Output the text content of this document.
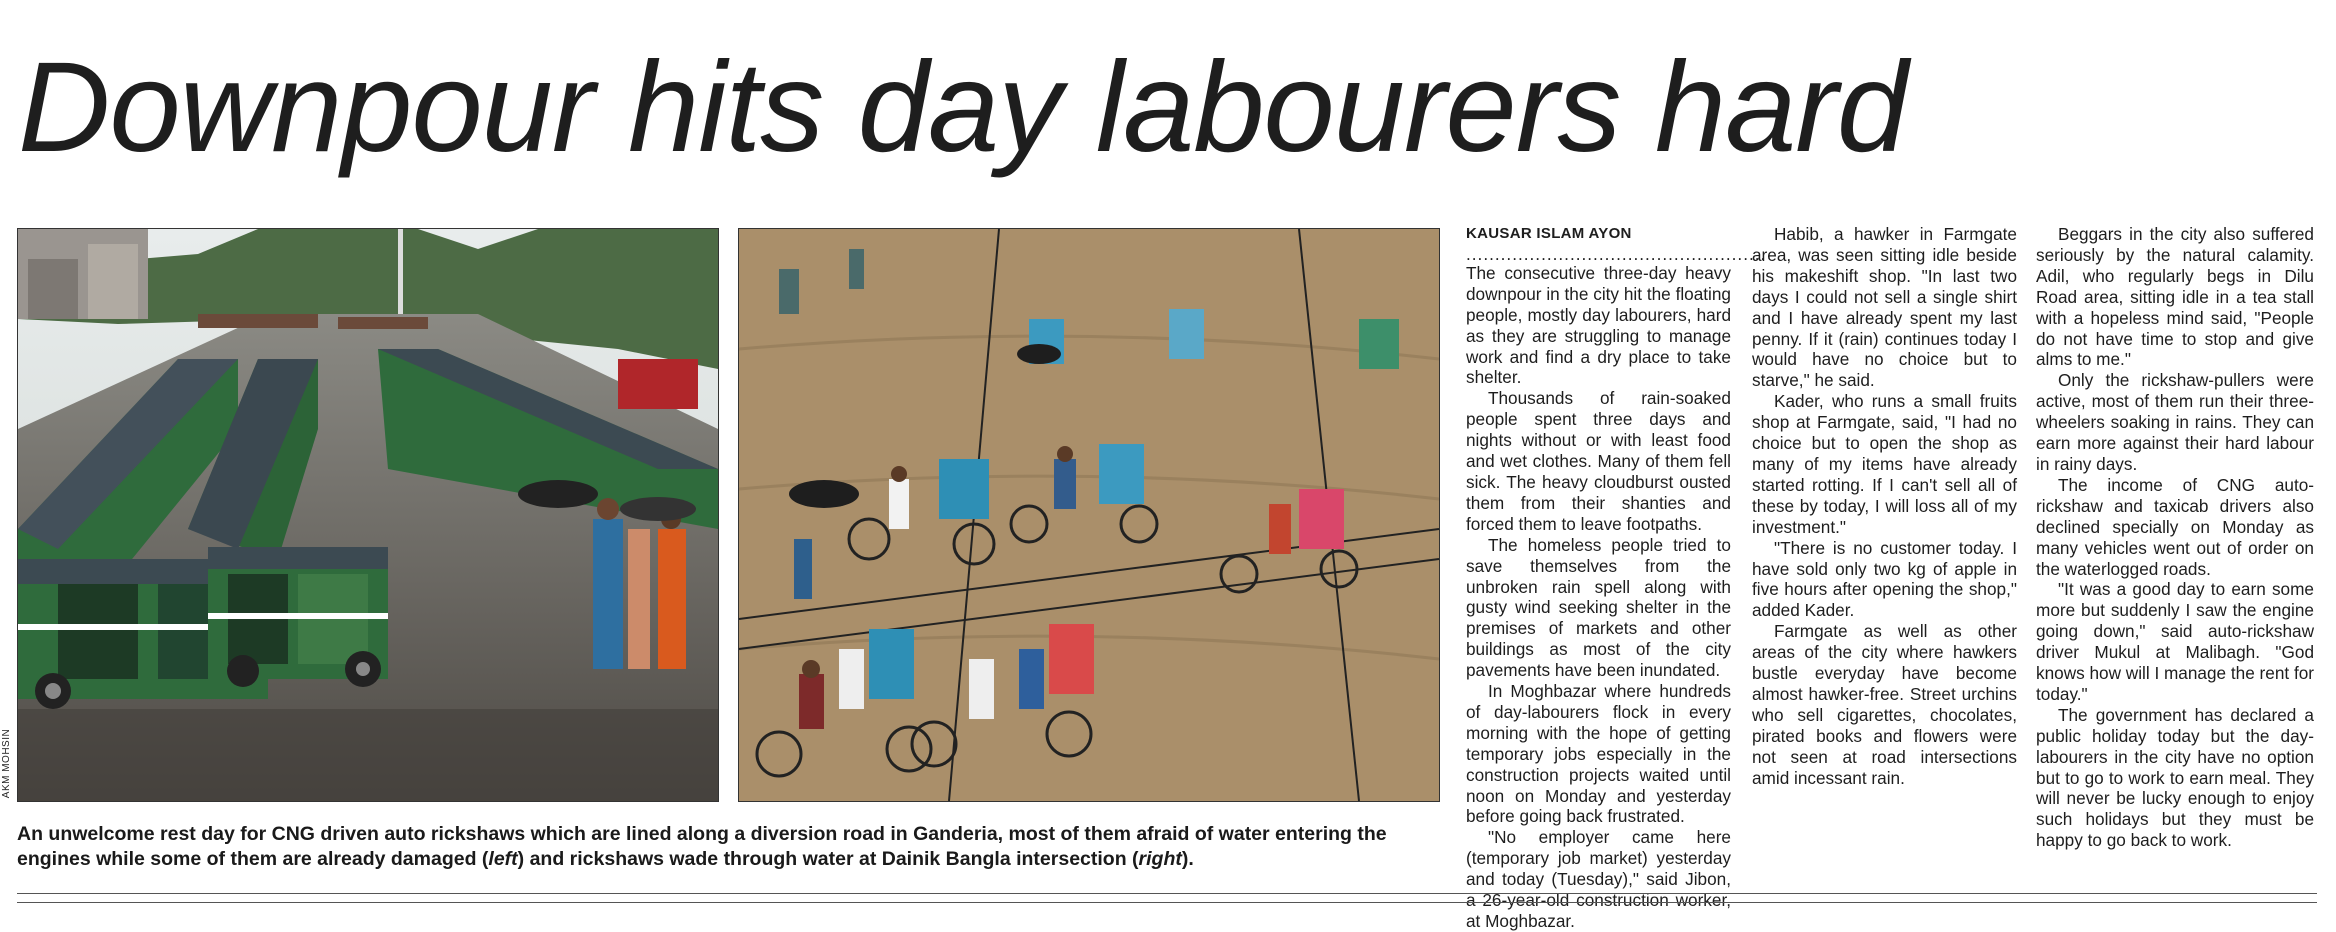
Downpour hits day labourers hard
AKM MOHSIN

An unwelcome rest day for CNG driven auto rickshaws which are lined along a diversion road in Ganderia, most of them afraid of water entering the engines while some of them are already damaged (left) and rickshaws wade through water at Dainik Bangla intersection (right).

KAUSAR ISLAM AYON

....................................................

The consecutive three-day heavy downpour in the city hit the floating people, mostly day labourers, hard as they are struggling to manage work and find a dry place to take shelter.

Thousands of rain-soaked people spent three days and nights without or with least food and wet clothes. Many of them fell sick. The heavy cloudburst ousted them from their shanties and forced them to leave footpaths.

The homeless people tried to save themselves from the unbroken rain spell along with gusty wind seeking shelter in the premises of markets and other buildings as most of the city pavements have been inundated.

In Moghbazar where hundreds of day-labourers flock in every morning with the hope of getting temporary jobs especially in the construction projects waited until noon on Monday and yesterday before going back frustrated.

"No employer came here (temporary job market) yesterday and today (Tuesday)," said Jibon, a 26-year-old construction worker, at Moghbazar.

Habib, a hawker in Farmgate area, was seen sitting idle beside his makeshift shop. "In last two days I could not sell a single shirt and I have already spent my last penny. If it (rain) continues today I would have no choice but to starve," he said.

Kader, who runs a small fruits shop at Farmgate, said, "I had no choice but to open the shop as many of my items have already started rotting. If I can't sell all of these by today, I will loss all of my investment."

"There is no customer today. I have sold only two kg of apple in five hours after opening the shop," added Kader.

Farmgate as well as other areas of the city where hawkers bustle everyday have become almost hawker-free. Street urchins who sell cigarettes, chocolates, pirated books and flowers were not seen at road intersections amid incessant rain.

Beggars in the city also suffered seriously by the natural calamity. Adil, who regularly begs in Dilu Road area, sitting idle in a tea stall with a hopeless mind said, "People do not have time to stop and give alms to me."

Only the rickshaw-pullers were active, most of them run their three-wheelers soaking in rains. They can earn more against their hard labour in rainy days.

The income of CNG auto-rickshaw and taxicab drivers also declined specially on Monday as many vehicles went out of order on the waterlogged roads.

"It was a good day to earn some more but suddenly I saw the engine going down," said auto-rickshaw driver Mukul at Malibagh. "God knows how will I manage the rent for today."

The government has declared a public holiday today but the day-labourers in the city have no option but to go to work to earn meal. They will never be lucky enough to enjoy such holidays but they must be happy to go back to work.
